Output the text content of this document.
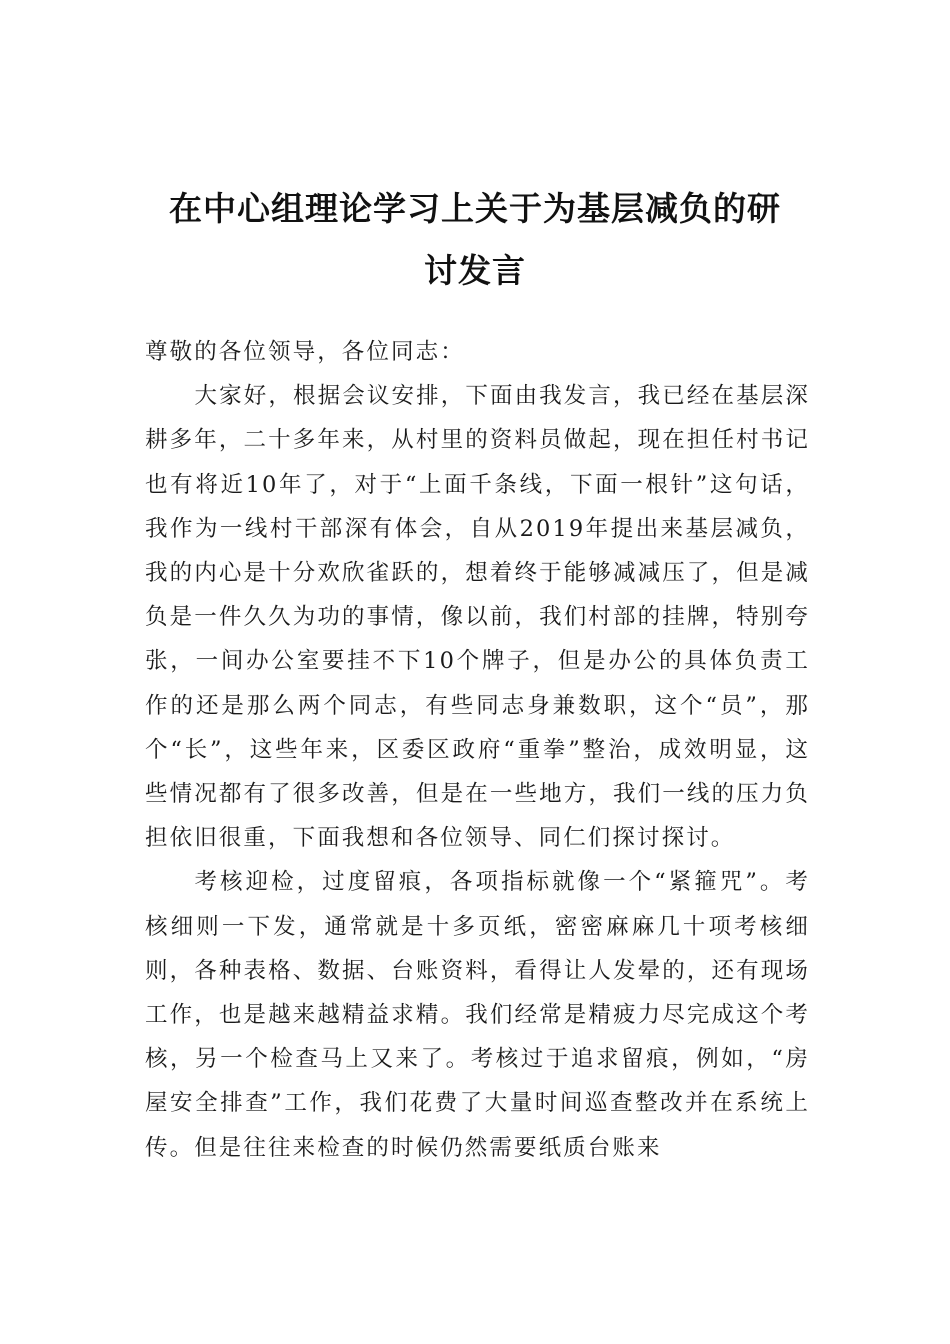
在中心组理论学习上关于为基层减负的研
讨发言

尊敬的各位领导，各位同志：

大家好，根据会议安排，下面由我发言，我已经在基层深耕多年，二十多年来，从村里的资料员做起，现在担任村书记也有将近10年了，对于“上面千条线，下面一根针”这句话，我作为一线村干部深有体会，自从2019年提出来基层减负，我的内心是十分欢欣雀跃的，想着终于能够减减压了，但是减负是一件久久为功的事情，像以前，我们村部的挂牌，特别夸张，一间办公室要挂不下10个牌子，但是办公的具体负责工作的还是那么两个同志，有些同志身兼数职，这个“员”，那个“长”，这些年来，区委区政府“重拳”整治，成效明显，这些情况都有了很多改善，但是在一些地方，我们一线的压力负担依旧很重，下面我想和各位领导、同仁们探讨探讨。

考核迎检，过度留痕，各项指标就像一个“紧箍咒”。考核细则一下发，通常就是十多页纸，密密麻麻几十项考核细则，各种表格、数据、台账资料，看得让人发晕的，还有现场工作，也是越来越精益求精。我们经常是精疲力尽完成这个考核，另一个检查马上又来了。考核过于追求留痕，例如，“房屋安全排查”工作，我们花费了大量时间巡查整改并在系统上传。但是往往来检查的时候仍然需要纸质台账来
